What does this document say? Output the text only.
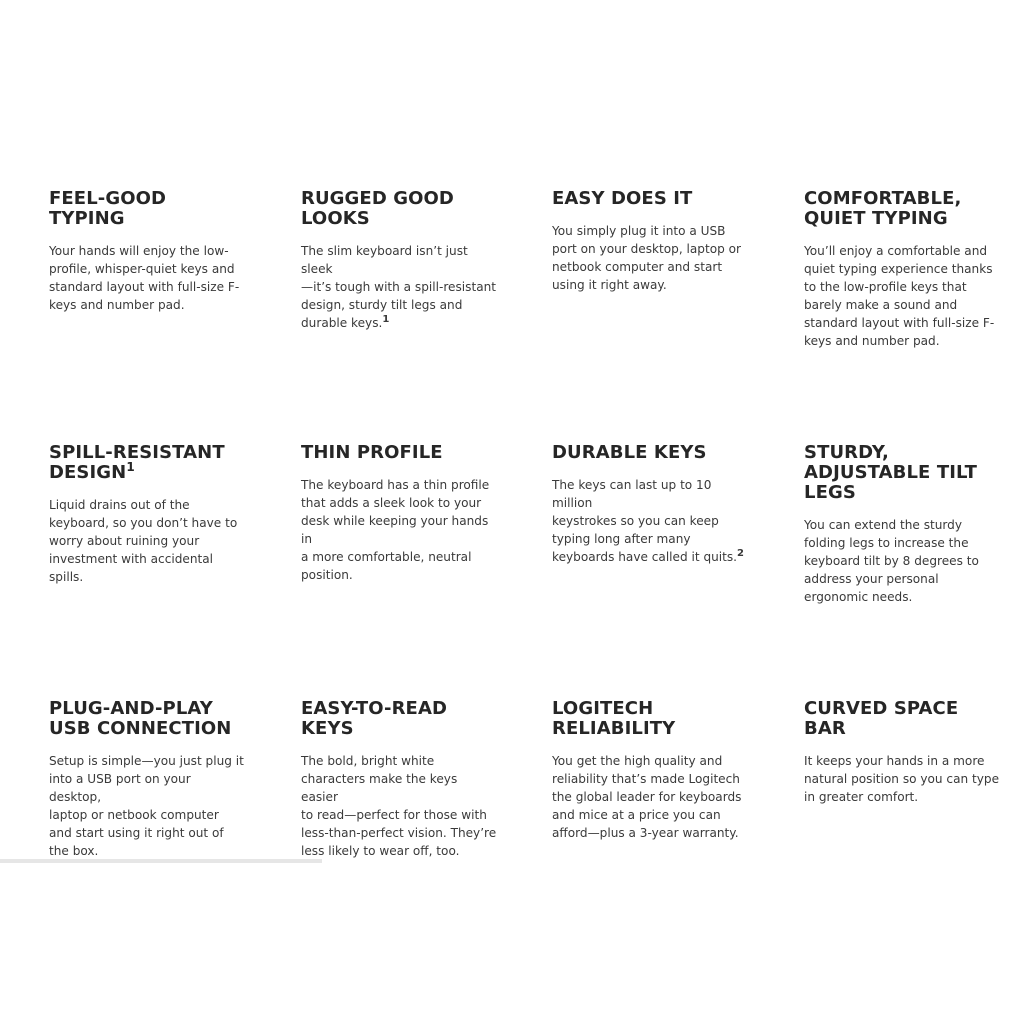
FEEL-GOOD TYPING

Your hands will enjoy the low-
profile, whisper-quiet keys and
standard layout with full-size F-
keys and number pad.

RUGGED GOOD
LOOKS

The slim keyboard isn’t just sleek
—it’s tough with a spill-resistant
design, sturdy tilt legs and
durable keys.$^1$

EASY DOES IT

You simply plug it into a USB
port on your desktop, laptop or
netbook computer and start
using it right away.

COMFORTABLE,
QUIET TYPING

You’ll enjoy a comfortable and
quiet typing experience thanks
to the low-profile keys that
barely make a sound and
standard layout with full-size F-
keys and number pad.

SPILL-RESISTANT
DESIGN$^1$

Liquid drains out of the
keyboard, so you don’t have to
worry about ruining your
investment with accidental
spills.

THIN PROFILE

The keyboard has a thin profile
that adds a sleek look to your
desk while keeping your hands in
a more comfortable, neutral
position.

DURABLE KEYS

The keys can last up to 10 million
keystrokes so you can keep
typing long after many
keyboards have called it quits.$^2$

STURDY,
ADJUSTABLE TILT
LEGS

You can extend the sturdy
folding legs to increase the
keyboard tilt by 8 degrees to
address your personal
ergonomic needs.

PLUG-AND-PLAY
USB CONNECTION

Setup is simple—you just plug it
into a USB port on your desktop,
laptop or netbook computer
and start using it right out of
the box.

EASY-TO-READ
KEYS

The bold, bright white
characters make the keys easier
to read—perfect for those with
less-than-perfect vision. They’re
less likely to wear off, too.

LOGITECH
RELIABILITY

You get the high quality and
reliability that’s made Logitech
the global leader for keyboards
and mice at a price you can
afford—plus a 3-year warranty.

CURVED SPACE BAR

It keeps your hands in a more
natural position so you can type
in greater comfort.
